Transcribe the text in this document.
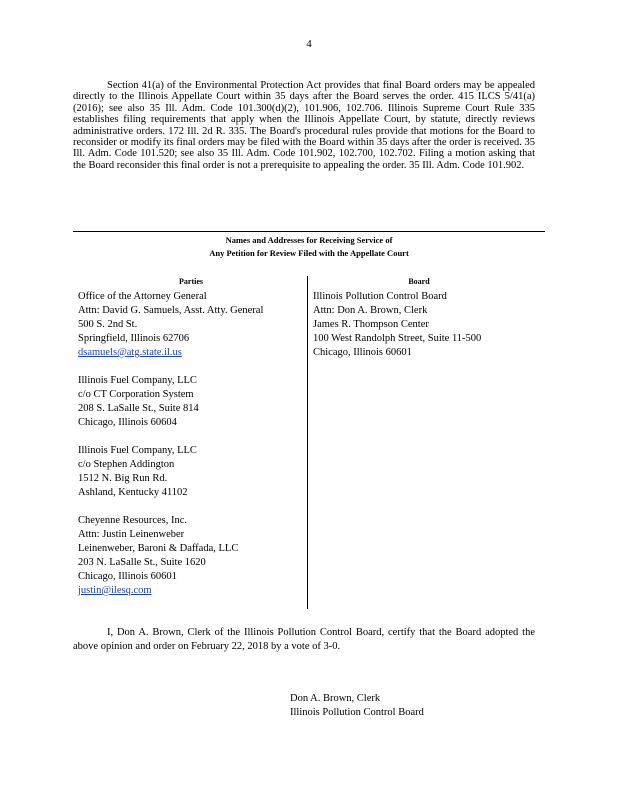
4
Section 41(a) of the Environmental Protection Act provides that final Board orders may be appealed directly to the Illinois Appellate Court within 35 days after the Board serves the order. 415 ILCS 5/41(a) (2016); see also 35 Ill. Adm. Code 101.300(d)(2), 101.906, 102.706. Illinois Supreme Court Rule 335 establishes filing requirements that apply when the Illinois Appellate Court, by statute, directly reviews administrative orders. 172 Ill. 2d R. 335. The Board's procedural rules provide that motions for the Board to reconsider or modify its final orders may be filed with the Board within 35 days after the order is received. 35 Ill. Adm. Code 101.520; see also 35 Ill. Adm. Code 101.902, 102.700, 102.702. Filing a motion asking that the Board reconsider this final order is not a prerequisite to appealing the order. 35 Ill. Adm. Code 101.902.
Names and Addresses for Receiving Service of
Any Petition for Review Filed with the Appellate Court
Parties	Board
Office of the Attorney General
Attn: David G. Samuels, Asst. Atty. General
500 S. 2nd St.
Springfield, Illinois 62706
dsamuels@atg.state.il.us
Illinois Fuel Company, LLC
c/o CT Corporation System
208 S. LaSalle St., Suite 814
Chicago, Illinois 60604
Illinois Fuel Company, LLC
c/o Stephen Addington
1512 N. Big Run Rd.
Ashland, Kentucky 41102
Cheyenne Resources, Inc.
Attn: Justin Leinenweber
Leinenweber, Baroni & Daffada, LLC
203 N. LaSalle St., Suite 1620
Chicago, Illinois 60601
justin@ilesq.com
Illinois Pollution Control Board
Attn: Don A. Brown, Clerk
James R. Thompson Center
100 West Randolph Street, Suite 11-500
Chicago, Illinois 60601
I, Don A. Brown, Clerk of the Illinois Pollution Control Board, certify that the Board adopted the above opinion and order on February 22, 2018 by a vote of 3-0.
Don A. Brown, Clerk
Illinois Pollution Control Board
